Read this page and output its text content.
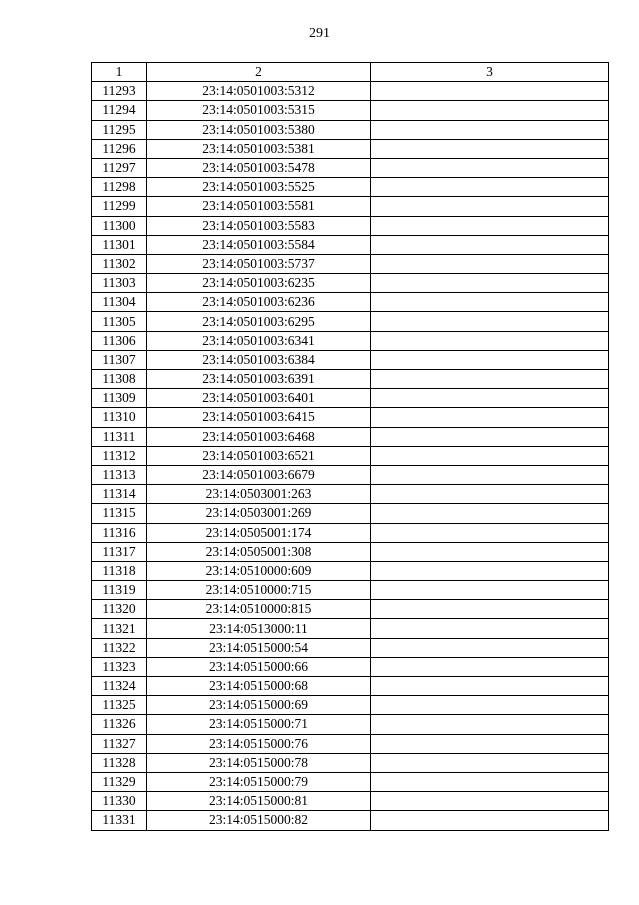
291
1	2	3
11293	23:14:0501003:5312	
11294	23:14:0501003:5315	
11295	23:14:0501003:5380	
11296	23:14:0501003:5381	
11297	23:14:0501003:5478	
11298	23:14:0501003:5525	
11299	23:14:0501003:5581	
11300	23:14:0501003:5583	
11301	23:14:0501003:5584	
11302	23:14:0501003:5737	
11303	23:14:0501003:6235	
11304	23:14:0501003:6236	
11305	23:14:0501003:6295	
11306	23:14:0501003:6341	
11307	23:14:0501003:6384	
11308	23:14:0501003:6391	
11309	23:14:0501003:6401	
11310	23:14:0501003:6415	
11311	23:14:0501003:6468	
11312	23:14:0501003:6521	
11313	23:14:0501003:6679	
11314	23:14:0503001:263	
11315	23:14:0503001:269	
11316	23:14:0505001:174	
11317	23:14:0505001:308	
11318	23:14:0510000:609	
11319	23:14:0510000:715	
11320	23:14:0510000:815	
11321	23:14:0513000:11	
11322	23:14:0515000:54	
11323	23:14:0515000:66	
11324	23:14:0515000:68	
11325	23:14:0515000:69	
11326	23:14:0515000:71	
11327	23:14:0515000:76	
11328	23:14:0515000:78	
11329	23:14:0515000:79	
11330	23:14:0515000:81	
11331	23:14:0515000:82	
